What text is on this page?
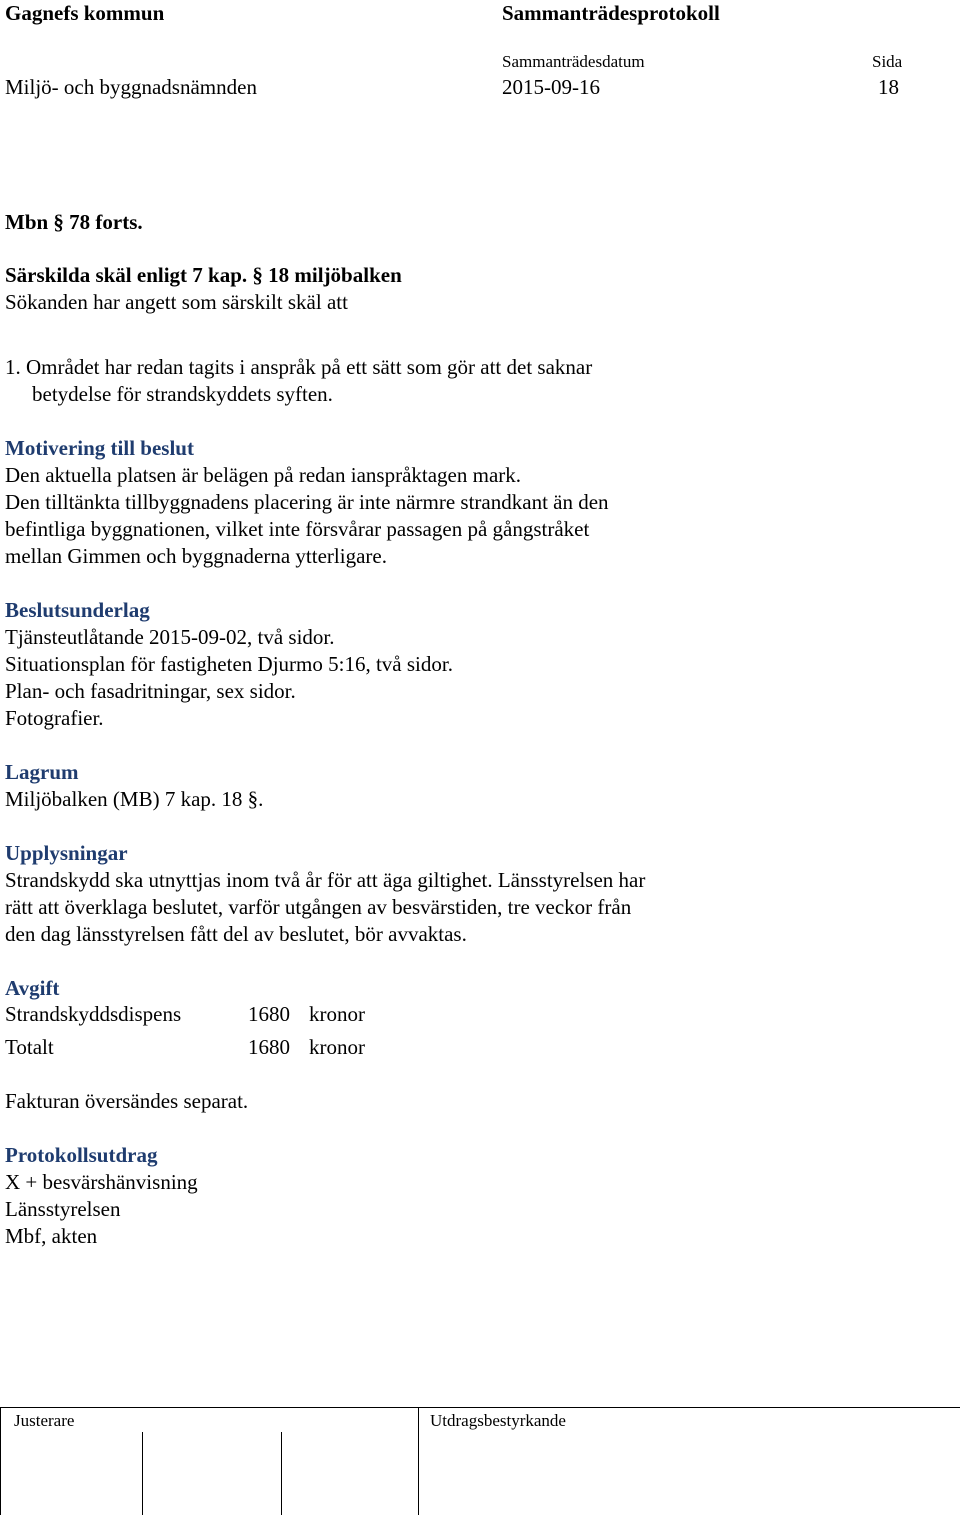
Gagnefs kommun	Sammanträdesprotokoll
Sammanträdesdatum	Sida
Miljö- och byggnadsnämnden	2015-09-16	18
Mbn § 78 forts.
Särskilda skäl enligt 7 kap. § 18 miljöbalken
Sökanden har angett som särskilt skäl att
1. Området har redan tagits i anspråk på ett sätt som gör att det saknar
betydelse för strandskyddets syften.
Motivering till beslut
Den aktuella platsen är belägen på redan ianspråktagen mark.
Den tilltänkta tillbyggnadens placering är inte närmre strandkant än den
befintliga byggnationen, vilket inte försvårar passagen på gångstråket
mellan Gimmen och byggnaderna ytterligare.
Beslutsunderlag
Tjänsteutlåtande 2015-09-02, två sidor.
Situationsplan för fastigheten Djurmo 5:16, två sidor.
Plan- och fasadritningar, sex sidor.
Fotografier.
Lagrum
Miljöbalken (MB) 7 kap. 18 §.
Upplysningar
Strandskydd ska utnyttjas inom två år för att äga giltighet. Länsstyrelsen har
rätt att överklaga beslutet, varför utgången av besvärstiden, tre veckor från
den dag länsstyrelsen fått del av beslutet, bör avvaktas.
Avgift
Strandskyddsdispens	1680 kronor
Totalt	1680 kronor
Fakturan översändes separat.
Protokollsutdrag
X + besvärshänvisning
Länsstyrelsen
Mbf, akten
Justerare	Utdragsbestyrkande
